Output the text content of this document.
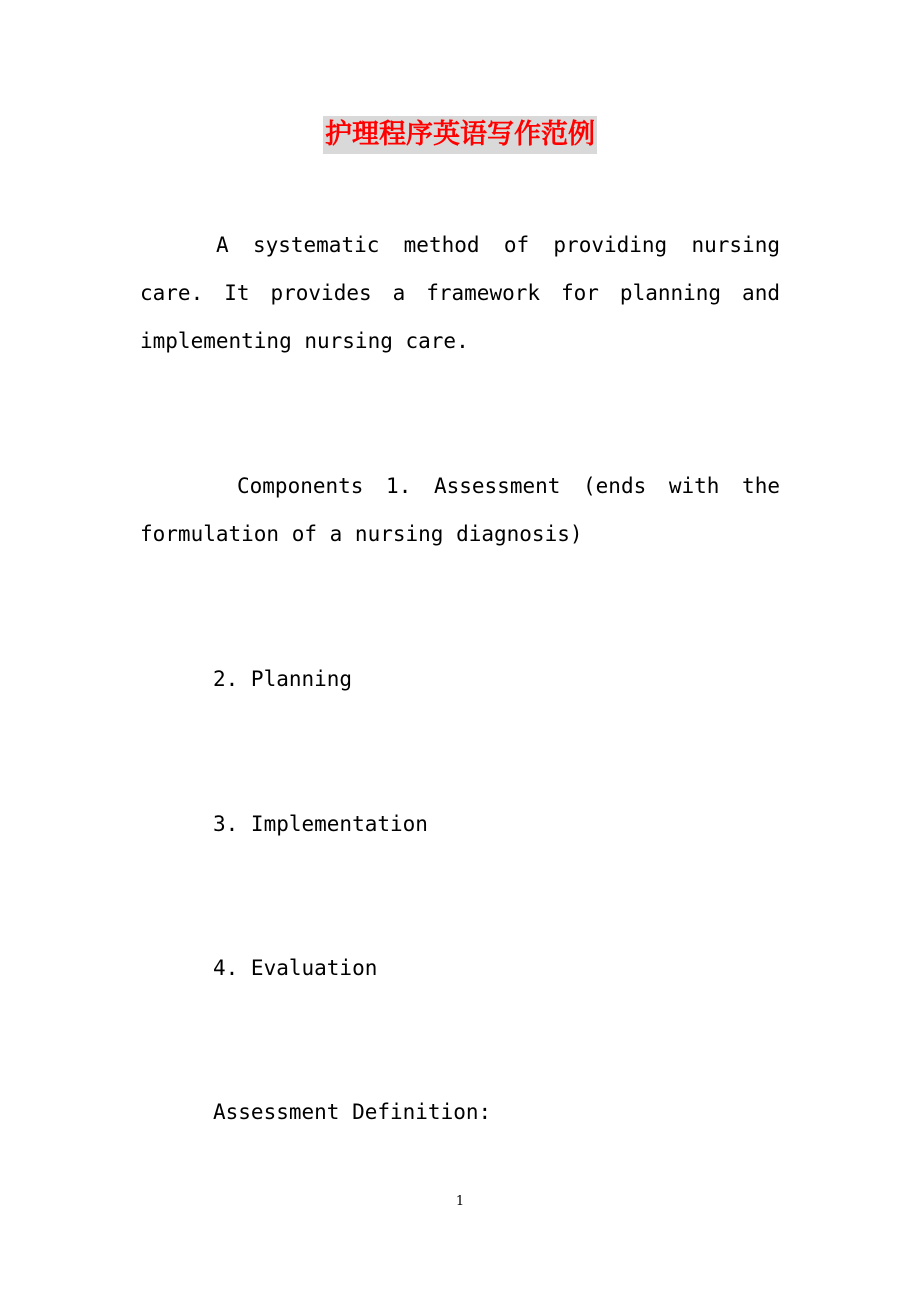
护理程序英语写作范例

A systematic method of providing nursing care. It provides a framework for planning and implementing nursing care.

Components 1. Assessment (ends with the formulation of a nursing diagnosis)

2. Planning

3. Implementation

4. Evaluation

Assessment Definition:

1
